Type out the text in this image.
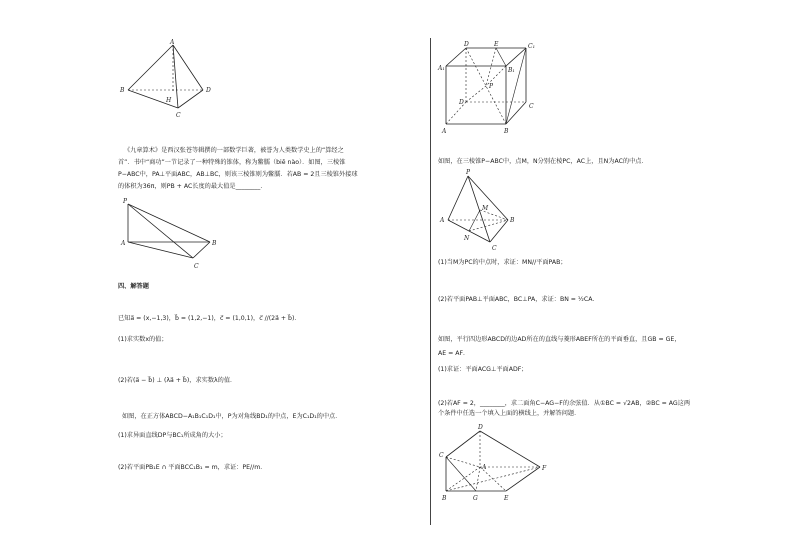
A
B
H
D
C
《九章算术》是西汉张苍等辑撰的一部数学巨著，被誉为人类数学史上的“算经之
首”．书中“商功”一节记录了一种特殊的锥体，称为鳖臑（biē nào）．如图，三棱锥
P−ABC中，PA⊥平面ABC，AB⊥BC，则该三棱锥则为鳖臑．若AB = 2且三棱锥外接球
的体积为36π，则PB + AC长度的最大值是________．
P
A	B
C
四、解答题
已知a⃗ = (x,−1,3)，b⃗ = (1,2,−1)，c⃗ = (1,0,1)，c⃗ //(2a⃗ + b⃗)．
(1)求实数x的值；
(2)若(a⃗ − b⃗) ⊥ (λa⃗ + b⃗)，求实数λ的值．
如图，在正方体ABCD−A₁B₁C₁D₁中，P为对角线BD₁的中点，E为C₁D₁的中点．
(1)求异面直线DP与BC₁所成角的大小；
(2)若平面PB₁E ∩ 平面BCC₁B₁ = m，求证：PE//m．
D	E	C₁
A₁	B₁
P
D
C
A	B
如图，在三棱锥P−ABC中，点M，N分别在棱PC，AC上，且N为AC的中点．
P
M
A	B
N
C
(1)当M为PC的中点时，求证：MN//平面PAB；
(2)若平面PAB⊥平面ABC，BC⊥PA，求证：BN = ½CA．
如图，平行四边形ABCD的边AD所在的直线与菱形ABEF所在的平面垂直，且GB = GE，
AE = AF．
(1)求证：平面ACG⊥平面ADF；
(2)若AF = 2，________，求二面角C−AG−F的余弦值．从①BC = √2AB，②BC = AG这两
个条件中任选一个填入上面的横线上，并解答问题．
D
C
F
A
B	G	E
